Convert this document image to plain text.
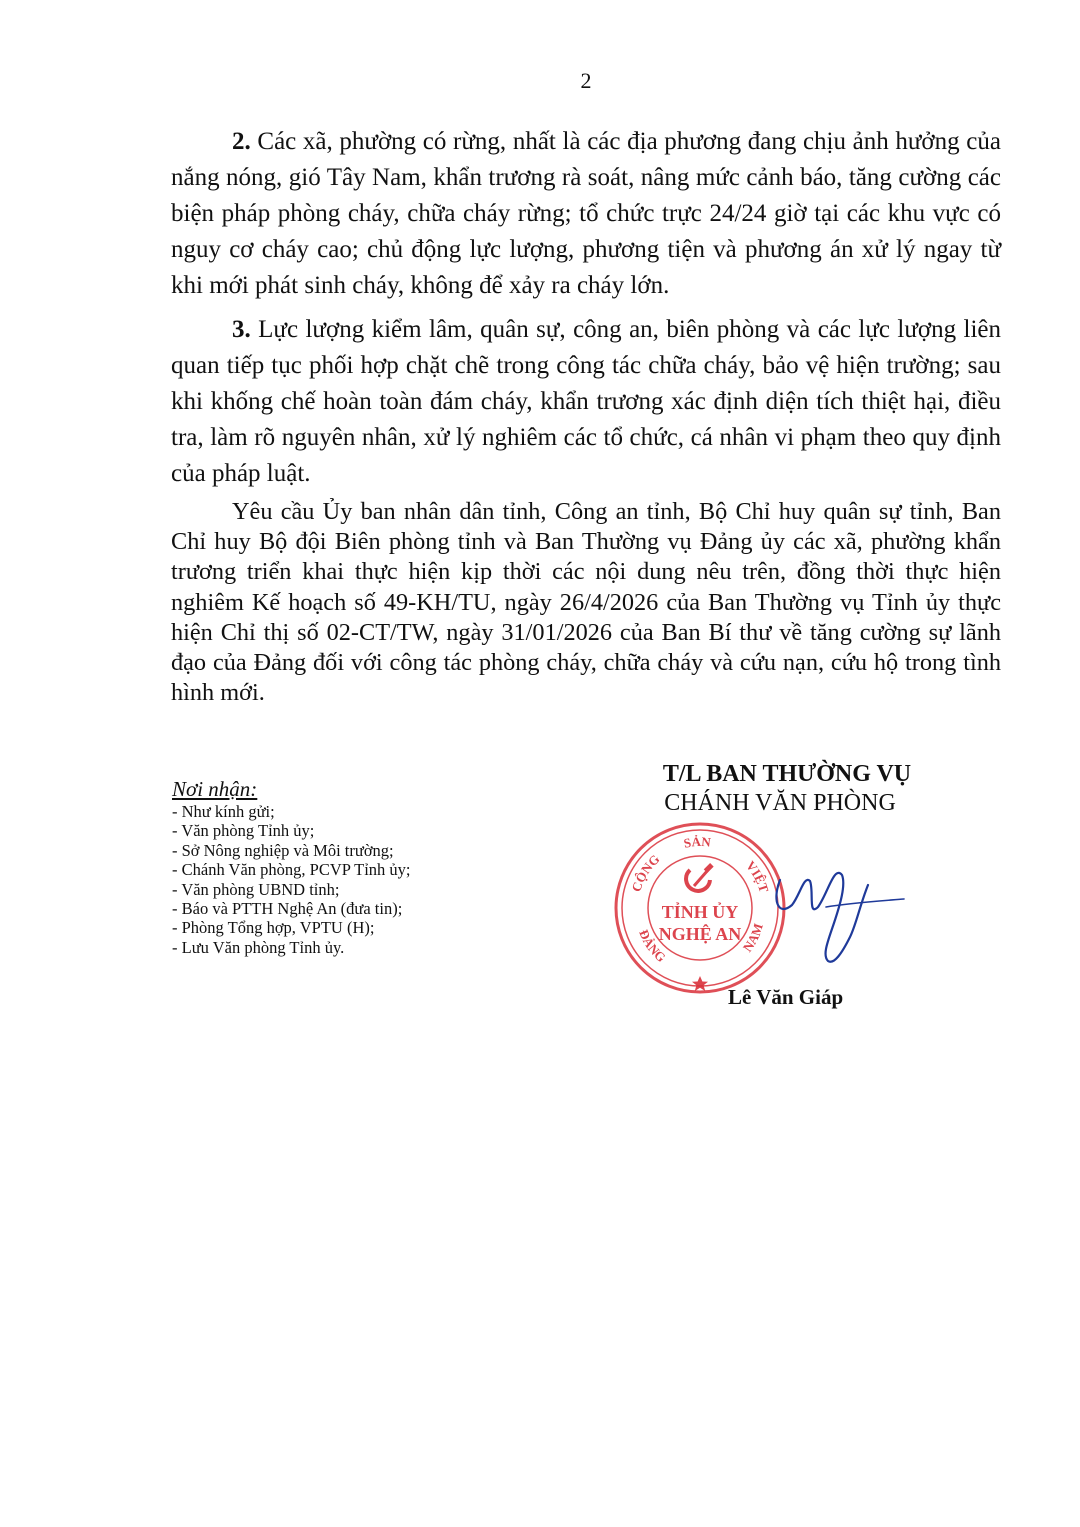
2

2. Các xã, phường có rừng, nhất là các địa phương đang chịu ảnh hưởng của nắng nóng, gió Tây Nam, khẩn trương rà soát, nâng mức cảnh báo, tăng cường các biện pháp phòng cháy, chữa cháy rừng; tổ chức trực 24/24 giờ tại các khu vực có nguy cơ cháy cao; chủ động lực lượng, phương tiện và phương án xử lý ngay từ khi mới phát sinh cháy, không để xảy ra cháy lớn.

3. Lực lượng kiểm lâm, quân sự, công an, biên phòng và các lực lượng liên quan tiếp tục phối hợp chặt chẽ trong công tác chữa cháy, bảo vệ hiện trường; sau khi khống chế hoàn toàn đám cháy, khẩn trương xác định diện tích thiệt hại, điều tra, làm rõ nguyên nhân, xử lý nghiêm các tổ chức, cá nhân vi phạm theo quy định của pháp luật.

Yêu cầu Ủy ban nhân dân tỉnh, Công an tỉnh, Bộ Chỉ huy quân sự tỉnh, Ban Chỉ huy Bộ đội Biên phòng tỉnh và Ban Thường vụ Đảng ủy các xã, phường khẩn trương triển khai thực hiện kịp thời các nội dung nêu trên, đồng thời thực hiện nghiêm Kế hoạch số 49-KH/TU, ngày 26/4/2026 của Ban Thường vụ Tỉnh ủy thực hiện Chỉ thị số 02-CT/TW, ngày 31/01/2026 của Ban Bí thư về tăng cường sự lãnh đạo của Đảng đối với công tác phòng cháy, chữa cháy và cứu nạn, cứu hộ trong tình hình mới.

Nơi nhận:
- Như kính gửi;
- Văn phòng Tỉnh ủy;
- Sở Nông nghiệp và Môi trường;
- Chánh Văn phòng, PCVP Tỉnh ủy;
- Văn phòng UBND tỉnh;
- Báo và PTTH Nghệ An (đưa tin);
- Phòng Tổng hợp, VPTU (H);
- Lưu Văn phòng Tỉnh ủy.
T/L BAN THƯỜNG VỤ
CHÁNH VĂN PHÒNG
CỘNG
SẢN
VIỆT
ĐẢNG
NAM
TỈNH ỦY
NGHỆ AN
Lê Văn Giáp
